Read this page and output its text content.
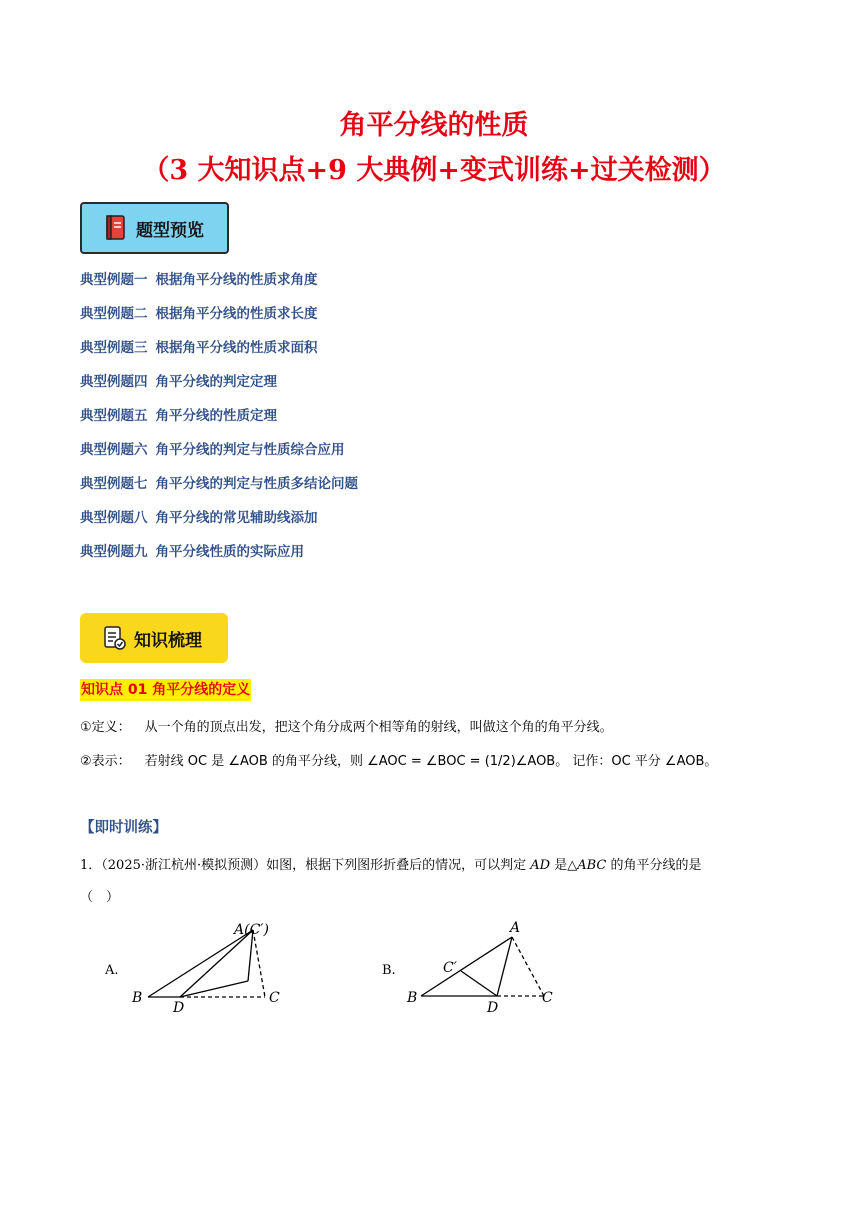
角平分线的性质
（3 大知识点+9 大典例+变式训练+过关检测）
题型预览
典型例题一 根据角平分线的性质求角度
典型例题二 根据角平分线的性质求长度
典型例题三 根据角平分线的性质求面积
典型例题四 角平分线的判定定理
典型例题五 角平分线的性质定理
典型例题六 角平分线的判定与性质综合应用
典型例题七 角平分线的判定与性质多结论问题
典型例题八 角平分线的常见辅助线添加
典型例题九 角平分线性质的实际应用
知识梳理
知识点 01 角平分线的定义
①定义： 从一个角的顶点出发，把这个角分成两个相等角的射线，叫做这个角的角平分线。
②表示： 若射线 OC 是 ∠AOB 的角平分线，则 ∠AOC = ∠BOC = (1/2)∠AOB。 记作：OC 平分 ∠AOB。
【即时训练】
1．（2025·浙江杭州·模拟预测）如图，根据下列图形折叠后的情况，可以判定 AD 是△ABC 的角平分线的是
（　）
A.
A(C′)
B
D
C
B.
A
C′
B
D
C
